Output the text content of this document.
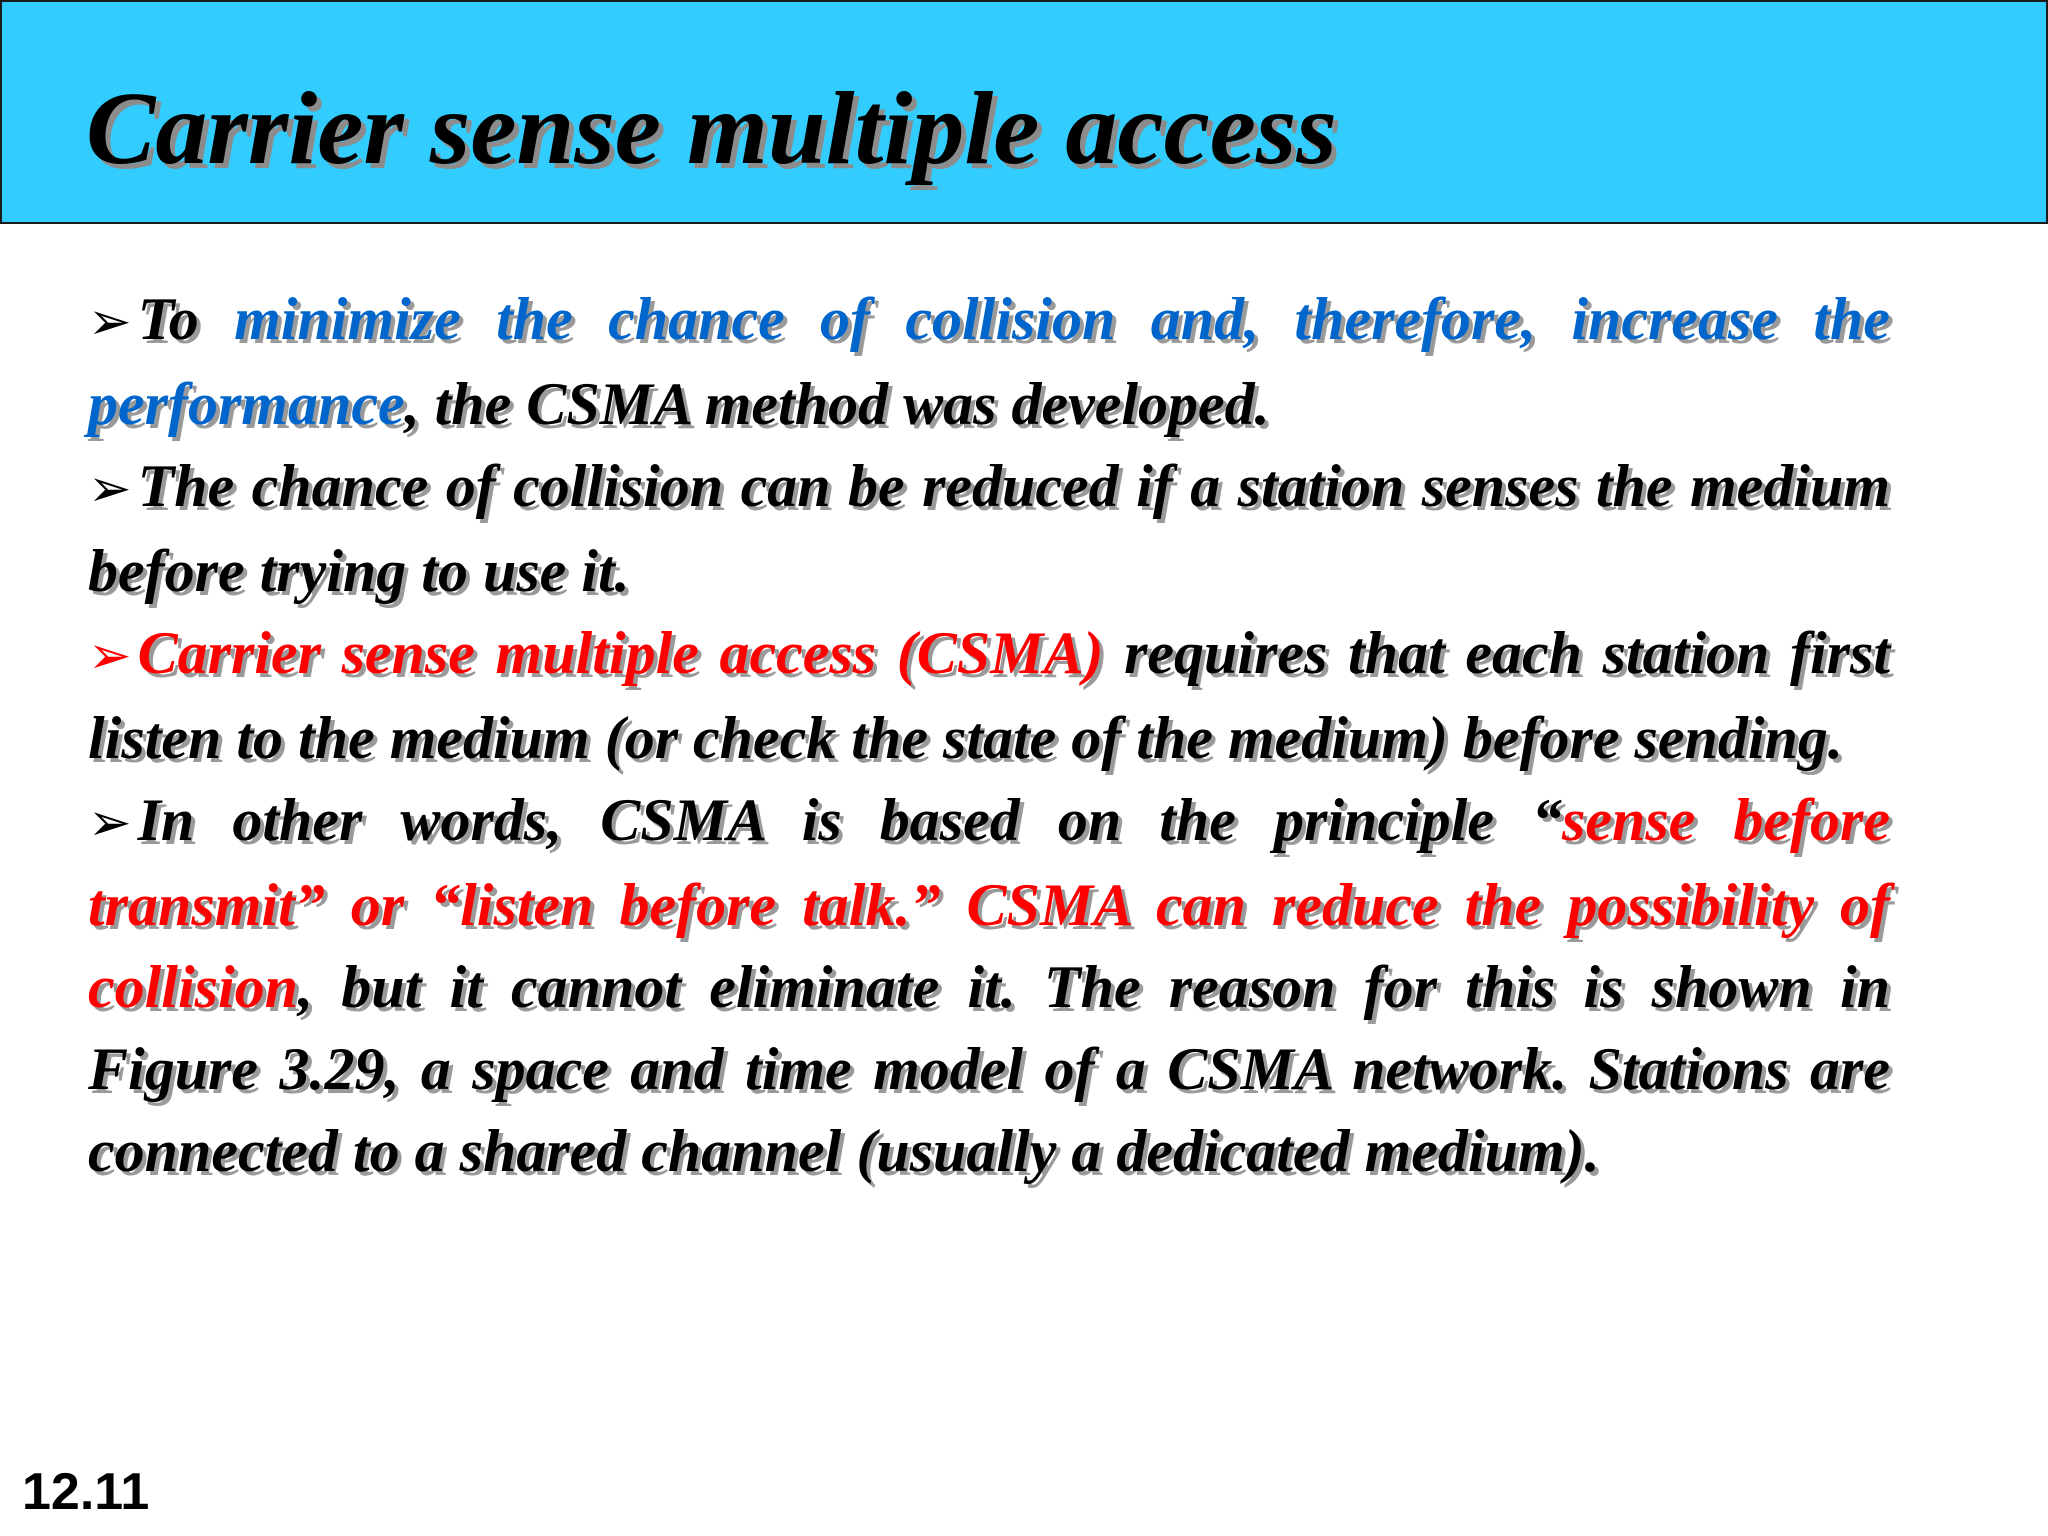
Carrier sense multiple access

➢ To minimize the chance of collision and, therefore, increase the performance, the CSMA method was developed.

➢ The chance of collision can be reduced if a station senses the medium before trying to use it.

➢ Carrier sense multiple access (CSMA) requires that each station first listen to the medium (or check the state of the medium) before sending.

➢ In other words, CSMA is based on the principle “sense before transmit” or “listen before talk.” CSMA can reduce the possibility of collision, but it cannot eliminate it. The reason for this is shown in Figure 3.29, a space and time model of a CSMA network. Stations are connected to a shared channel (usually a dedicated medium).

12.11
